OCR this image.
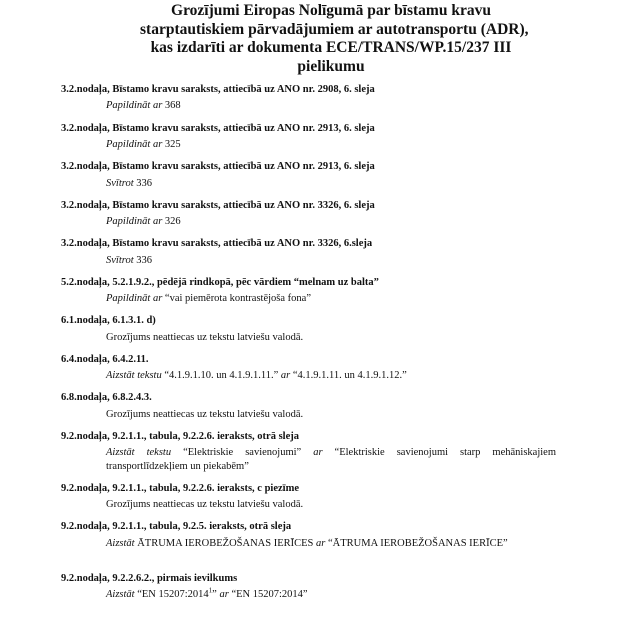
Grozījumi Eiropas Nolīgumā par bīstamu kravu
starptautiskiem pārvadājumiem ar autotransportu (ADR),
kas izdarīti ar dokumenta ECE/TRANS/WP.15/237 III
pielikumu
3.2.nodaļa, Bīstamo kravu saraksts, attiecībā uz ANO nr. 2908, 6. sleja
Papildināt ar 368
3.2.nodaļa, Bīstamo kravu saraksts, attiecībā uz ANO nr. 2913, 6. sleja
Papildināt ar 325
3.2.nodaļa, Bīstamo kravu saraksts, attiecībā uz ANO nr. 2913, 6. sleja
Svītrot 336
3.2.nodaļa, Bīstamo kravu saraksts, attiecībā uz ANO nr. 3326, 6. sleja
Papildināt ar 326
3.2.nodaļa, Bīstamo kravu saraksts, attiecībā uz ANO nr. 3326, 6.sleja
Svītrot 336
5.2.nodaļa, 5.2.1.9.2., pēdējā rindkopā, pēc vārdiem “melnam uz balta”
Papildināt ar “vai piemērota kontrastējoša fona”
6.1.nodaļa, 6.1.3.1. d)
Grozījums neattiecas uz tekstu latviešu valodā.
6.4.nodaļa, 6.4.2.11.
Aizstāt tekstu “4.1.9.1.10. un 4.1.9.1.11.” ar “4.1.9.1.11. un 4.1.9.1.12.”
6.8.nodaļa, 6.8.2.4.3.
Grozījums neattiecas uz tekstu latviešu valodā.
9.2.nodaļa, 9.2.1.1., tabula, 9.2.2.6. ieraksts, otrā sleja
Aizstāt tekstu “Elektriskie savienojumi” ar “Elektriskie savienojumi starp mehāniskajiem transportlīdzekļiem un piekabēm”
9.2.nodaļa, 9.2.1.1., tabula, 9.2.2.6. ieraksts, c piezīme
Grozījums neattiecas uz tekstu latviešu valodā.
9.2.nodaļa, 9.2.1.1., tabula, 9.2.5. ieraksts, otrā sleja
Aizstāt ĀTRUMA IEROBEŽOŠANAS IERĪCES ar “ĀTRUMA IEROBEŽOŠANAS IERĪCE”
9.2.nodaļa, 9.2.2.6.2., pirmais ievilkums
Aizstāt “EN 15207:2014$^1$” ar “EN 15207:2014”
